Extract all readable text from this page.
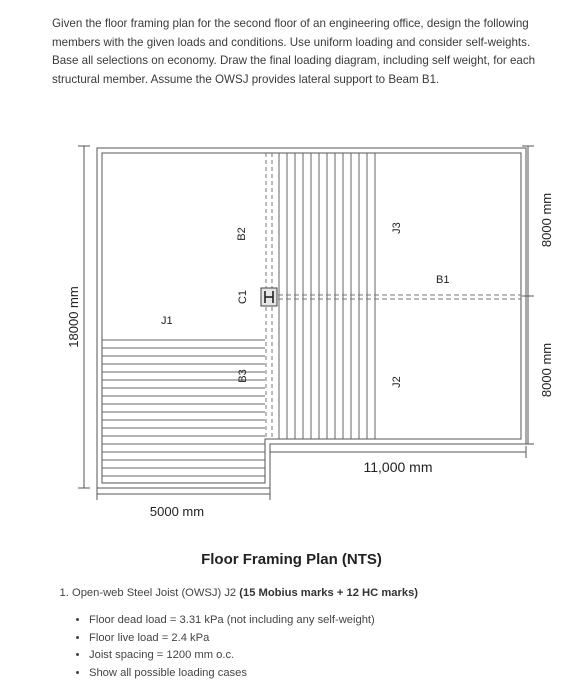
Given the floor framing plan for the second floor of an engineering office, design the following members with the given loads and conditions. Use uniform loading and consider self-weights. Base all selections on economy. Draw the final loading diagram, including self weight, for each structural member. Assume the OWSJ provides lateral support to Beam B1.
18000 mm
8000 mm
8000 mm
J1
B2
C1
B3
J3
J2
B1
11,000 mm
5000 mm
Floor Framing Plan (NTS)
1. Open-web Steel Joist (OWSJ) J2 (15 Mobius marks + 12 HC marks)
• Floor dead load = 3.31 kPa (not including any self-weight)
• Floor live load = 2.4 kPa
• Joist spacing = 1200 mm o.c.
• Show all possible loading cases
